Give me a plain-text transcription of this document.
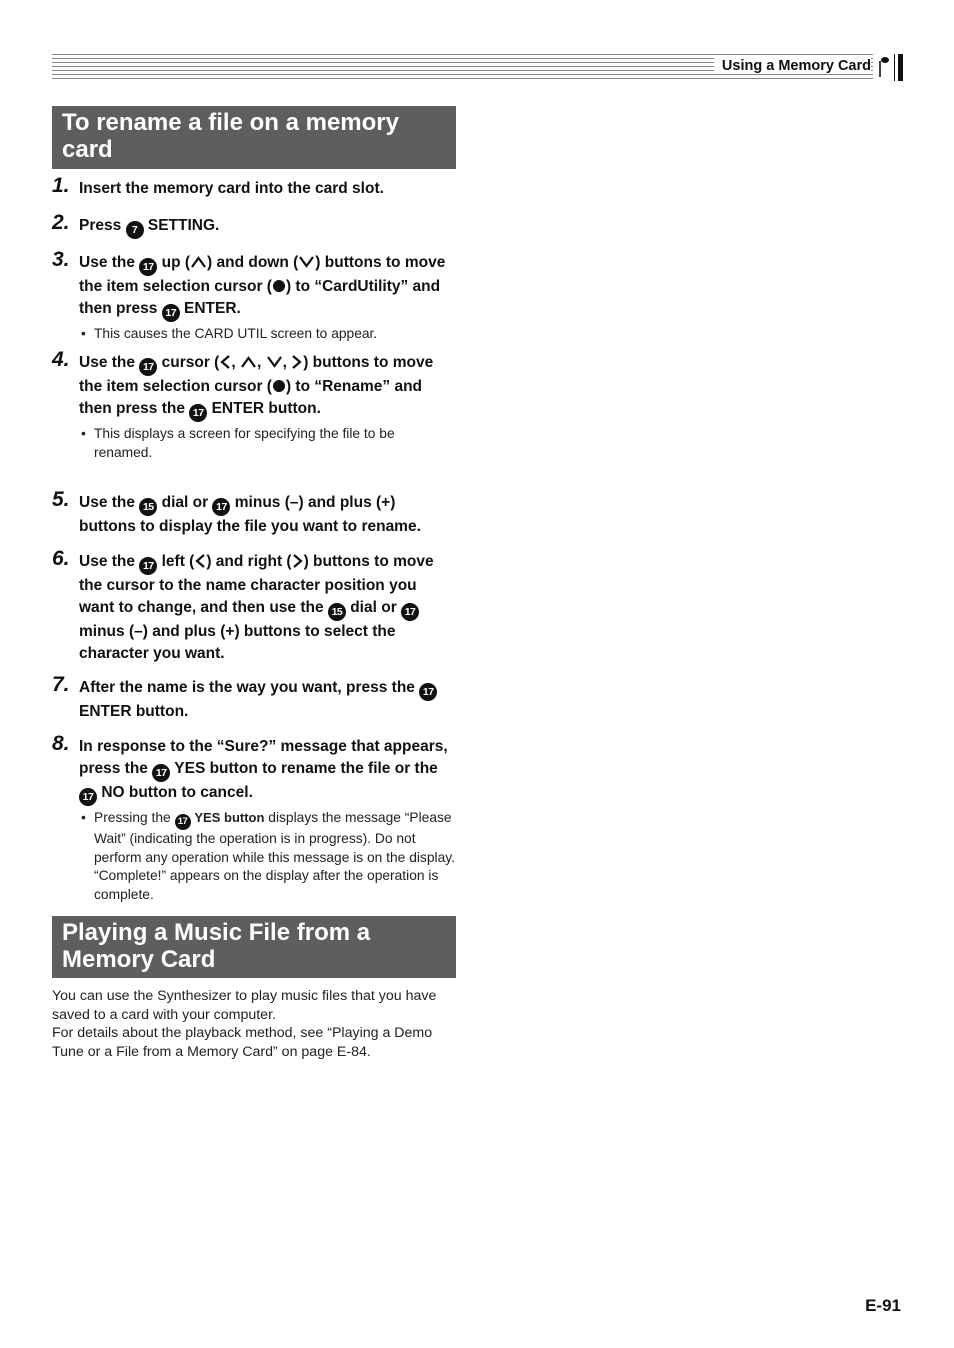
Using a Memory Card
To rename a file on a memory card
1. Insert the memory card into the card slot.
2. Press 7 SETTING.
3. Use the 17 up ( ) and down ( ) buttons to move the item selection cursor ( ) to “CardUtility” and then press 17 ENTER.
• This causes the CARD UTIL screen to appear.
4. Use the 17 cursor ( , , , ) buttons to move the item selection cursor ( ) to “Rename” and then press the 17 ENTER button.
• This displays a screen for specifying the file to be renamed.
5. Use the 15 dial or 17 minus (–) and plus (+) buttons to display the file you want to rename.
6. Use the 17 left ( ) and right ( ) buttons to move the cursor to the name character position you want to change, and then use the 15 dial or 17 minus (–) and plus (+) buttons to select the character you want.
7. After the name is the way you want, press the 17 ENTER button.
8. In response to the “Sure?” message that appears, press the 17 YES button to rename the file or the 17 NO button to cancel.
• Pressing the 17 YES button displays the message “Please Wait” (indicating the operation is in progress). Do not perform any operation while this message is on the display. “Complete!” appears on the display after the operation is complete.
Playing a Music File from a Memory Card
You can use the Synthesizer to play music files that you have saved to a card with your computer.
For details about the playback method, see “Playing a Demo Tune or a File from a Memory Card” on page E-84.
E-91
